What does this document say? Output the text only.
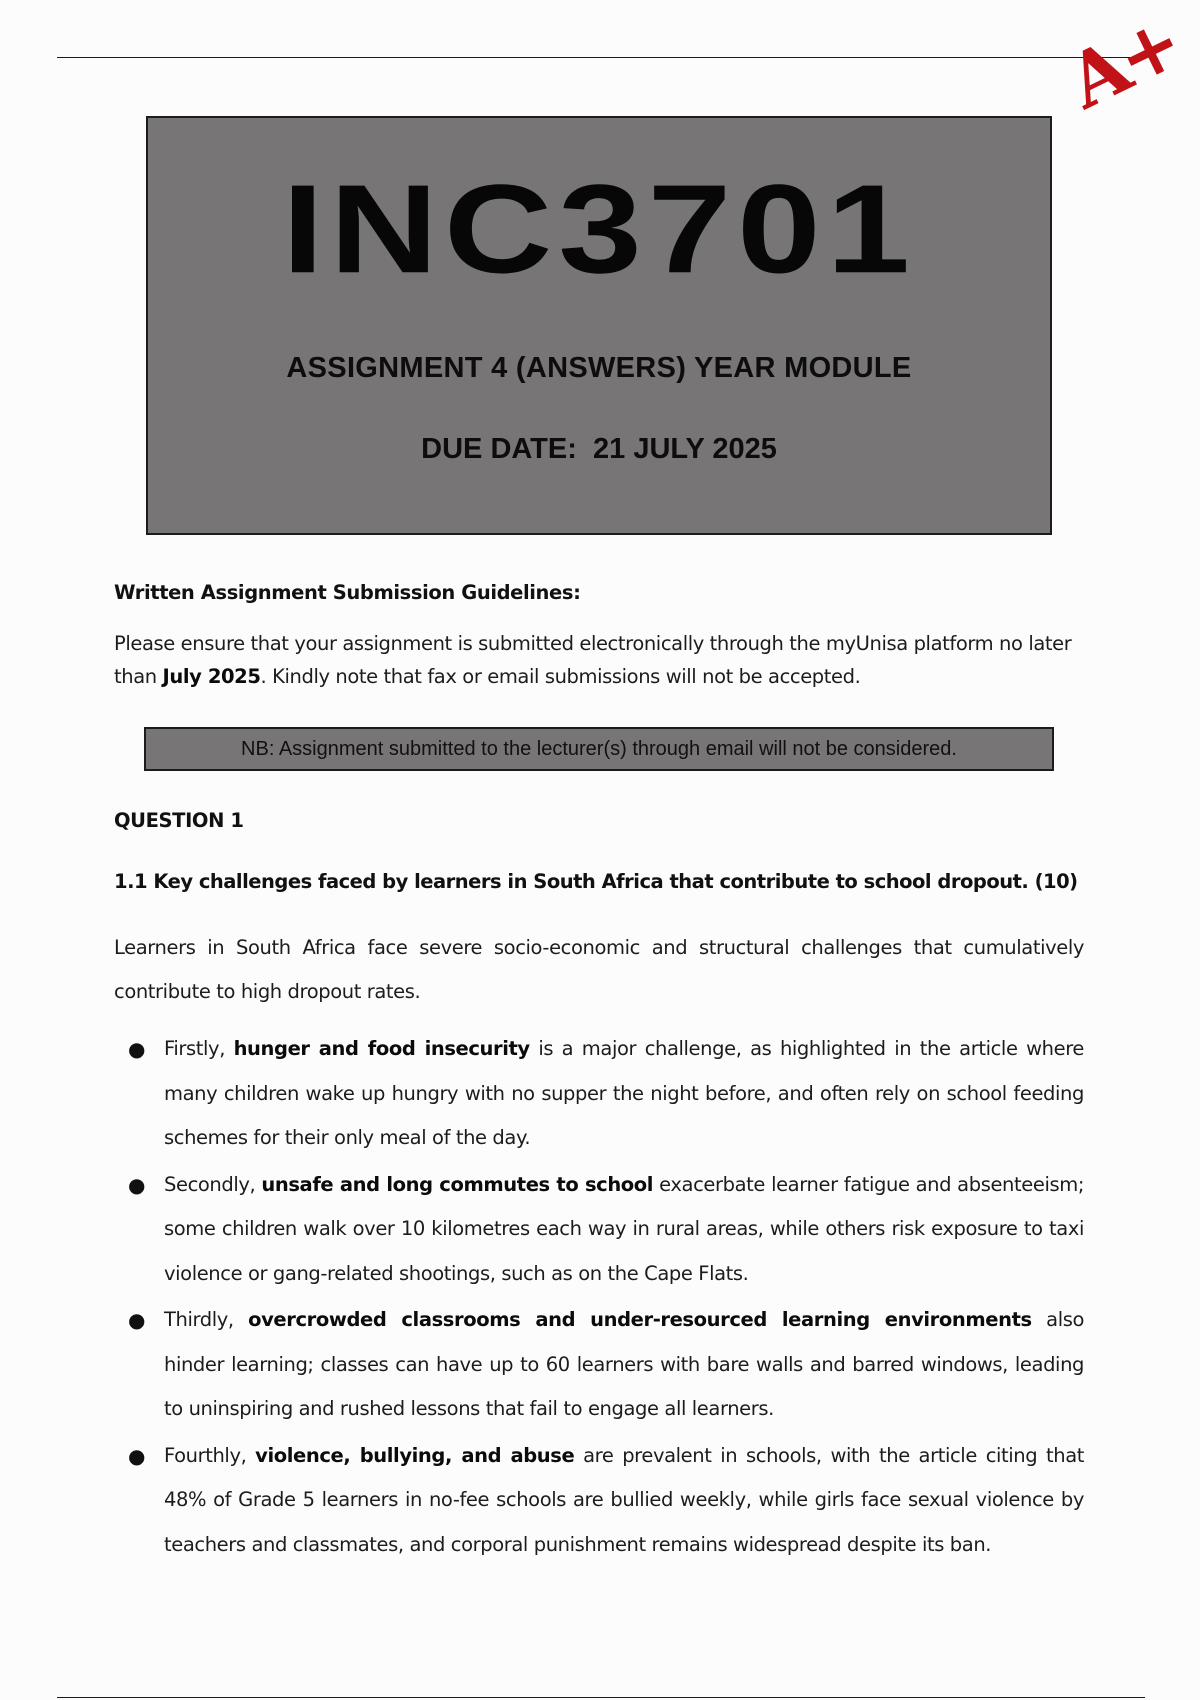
A+
INC3701
ASSIGNMENT 4 (ANSWERS) YEAR MODULE
DUE DATE:  21 JULY 2025
Written Assignment Submission Guidelines:
Please ensure that your assignment is submitted electronically through the myUnisa platform no later than July 2025. Kindly note that fax or email submissions will not be accepted.
NB: Assignment submitted to the lecturer(s) through email will not be considered.
QUESTION 1
1.1 Key challenges faced by learners in South Africa that contribute to school dropout. (10)
Learners in South Africa face severe socio-economic and structural challenges that cumulatively contribute to high dropout rates.
● Firstly, hunger and food insecurity is a major challenge, as highlighted in the article where many children wake up hungry with no supper the night before, and often rely on school feeding schemes for their only meal of the day.
● Secondly, unsafe and long commutes to school exacerbate learner fatigue and absenteeism; some children walk over 10 kilometres each way in rural areas, while others risk exposure to taxi violence or gang-related shootings, such as on the Cape Flats.
● Thirdly, overcrowded classrooms and under-resourced learning environments also hinder learning; classes can have up to 60 learners with bare walls and barred windows, leading to uninspiring and rushed lessons that fail to engage all learners.
● Fourthly, violence, bullying, and abuse are prevalent in schools, with the article citing that 48% of Grade 5 learners in no-fee schools are bullied weekly, while girls face sexual violence by teachers and classmates, and corporal punishment remains widespread despite its ban.
